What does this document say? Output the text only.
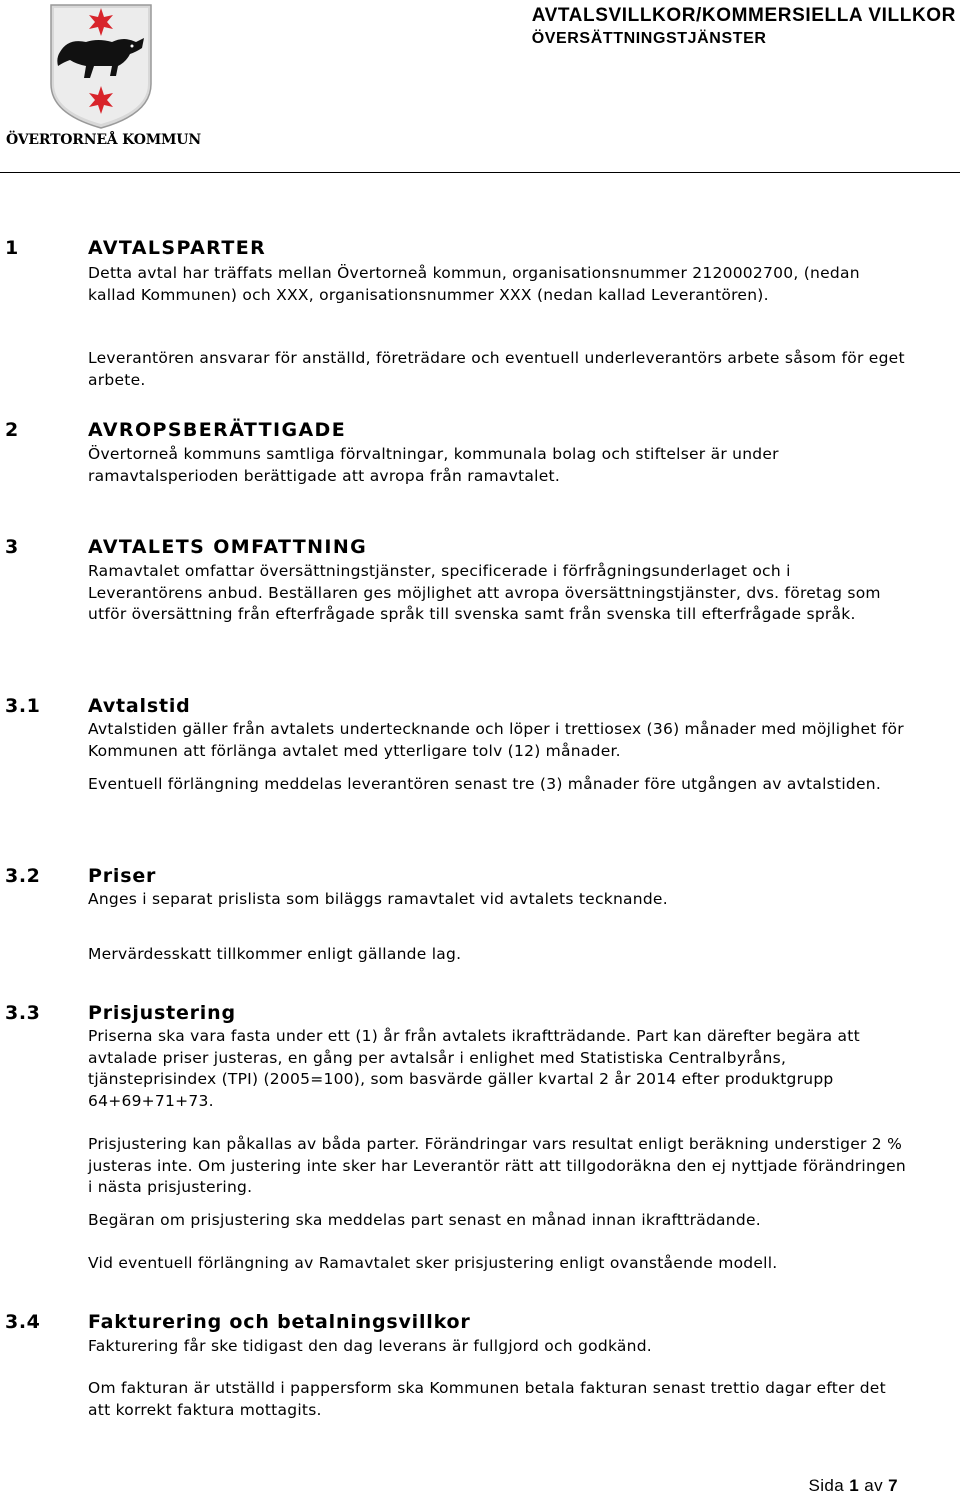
ÖVERTORNEÅ KOMMUN
AVTALSVILLKOR/KOMMERSIELLA VILLKOR
ÖVERSÄTTNINGSTJÄNSTER
1	AVTALSPARTER
Detta avtal har träffats mellan Övertorneå kommun, organisationsnummer 2120002700, (nedan kallad Kommunen) och XXX, organisationsnummer XXX (nedan kallad Leverantören).
Leverantören ansvarar för anställd, företrädare och eventuell underleverantörs arbete såsom för eget arbete.
2	AVROPSBERÄTTIGADE
Övertorneå kommuns samtliga förvaltningar, kommunala bolag och stiftelser är under ramavtalsperioden berättigade att avropa från ramavtalet.
3	AVTALETS OMFATTNING
Ramavtalet omfattar översättningstjänster, specificerade i förfrågningsunderlaget och i Leverantörens anbud. Beställaren ges möjlighet att avropa översättningstjänster, dvs. företag som utför översättning från efterfrågade språk till svenska samt från svenska till efterfrågade språk.
3.1	Avtalstid
Avtalstiden gäller från avtalets undertecknande och löper i trettiosex (36) månader med möjlighet för Kommunen att förlänga avtalet med ytterligare tolv (12) månader.
Eventuell förlängning meddelas leverantören senast tre (3) månader före utgången av avtalstiden.
3.2	Priser
Anges i separat prislista som biläggs ramavtalet vid avtalets tecknande.
Mervärdesskatt tillkommer enligt gällande lag.
3.3	Prisjustering
Priserna ska vara fasta under ett (1) år från avtalets ikraftträdande. Part kan därefter begära att avtalade priser justeras, en gång per avtalsår i enlighet med Statistiska Centralbyråns, tjänsteprisindex (TPI) (2005=100), som basvärde gäller kvartal 2 år 2014 efter produktgrupp 64+69+71+73.
Prisjustering kan påkallas av båda parter. Förändringar vars resultat enligt beräkning understiger 2 % justeras inte. Om justering inte sker har Leverantör rätt att tillgodoräkna den ej nyttjade förändringen i nästa prisjustering.
Begäran om prisjustering ska meddelas part senast en månad innan ikraftträdande.
Vid eventuell förlängning av Ramavtalet sker prisjustering enligt ovanstående modell.
3.4	Fakturering och betalningsvillkor
Fakturering får ske tidigast den dag leverans är fullgjord och godkänd.
Om fakturan är utställd i pappersform ska Kommunen betala fakturan senast trettio dagar efter det att korrekt faktura mottagits.
Sida 1 av 7
